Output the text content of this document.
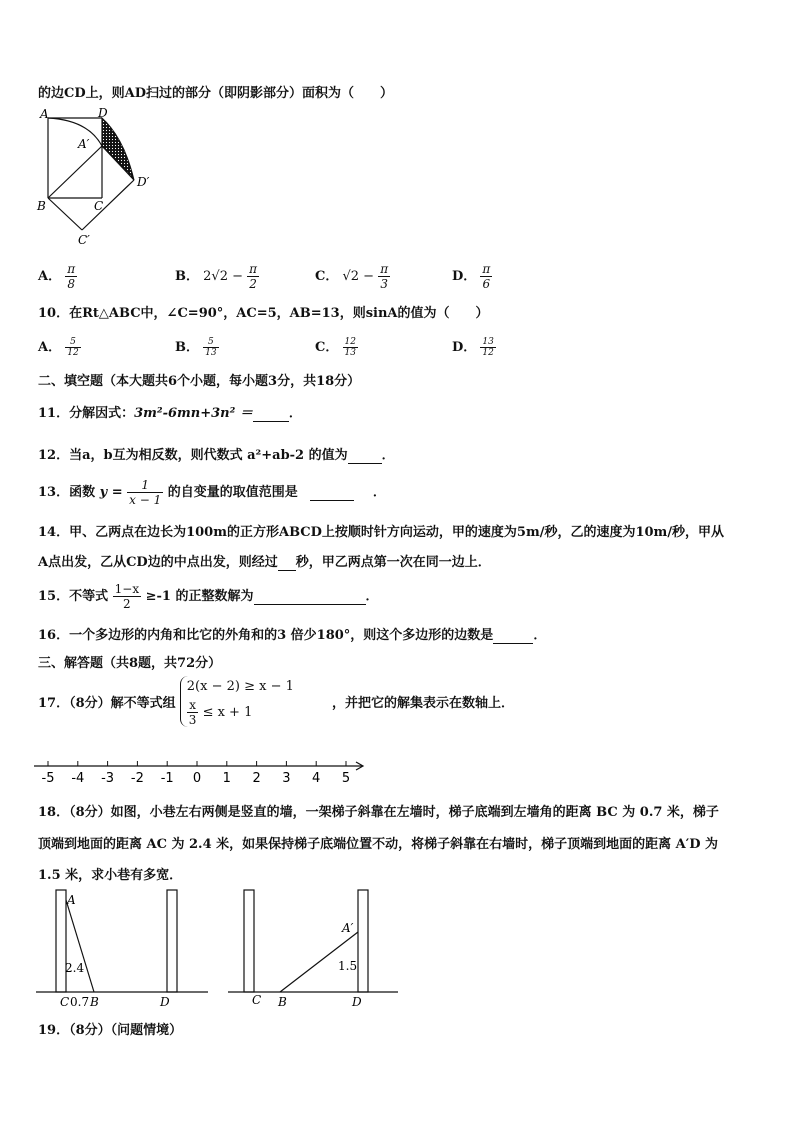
的边CD上，则AD扫过的部分（即阴影部分）面积为（　　）
A	D
A′
D′
B	C
C′
A． $\frac{\pi}{8}$	B． $2√2 - \frac{\pi}{2}$	C． $√2 - \frac{\pi}{3}$	D． $\frac{\pi}{6}$
10．在Rt△ABC中，∠C=90°，AC=5，AB=13，则sinA的值为（　　）
A． $\frac{5}{12}$	B． $\frac{5}{13}$	C． $\frac{12}{13}$	D． $\frac{13}{12}$
二、填空题（本大题共6个小题，每小题3分，共18分）
11．分解因式：3m²-6mn+3n² ＝	．
12．当a，b互为相反数，则代数式 a²+ab-2 的值为	．
13．函数 $y = \frac{1}{x - 1}$ 的自变量的取值范围是	．
14．甲、乙两点在边长为100m的正方形ABCD上按顺时针方向运动，甲的速度为5m/秒，乙的速度为10m/秒，甲从
A点出发，乙从CD边的中点出发，则经过 秒，甲乙两点第一次在同一边上．
15．不等式 $\frac{1-x}{2} \ge-1$ 的正整数解为	．
16．一个多边形的内角和比它的外角和的3 倍少180°，则这个多边形的边数是	．
三、解答题（共8题，共72分）
17．（8分）解不等式组
2(x − 2) ≥ x − 1
$\frac{x}{3} \le x + 1$
，并把它的解集表示在数轴上．
-5 -4 -3 -2 -1 0 1 2 3 4 5
18．（8分）如图，小巷左右两侧是竖直的墙，一架梯子斜靠在左墙时，梯子底端到左墙角的距离 BC 为 0.7 米，梯子
顶端到地面的距离 AC 为 2.4 米，如果保持梯子底端位置不动，将梯子斜靠在右墙时，梯子顶端到地面的距离 A′D 为
1.5 米，求小巷有多宽．
A
2.4
C 0.7 B	D
A′
1.5
C B	D
19．（8分）（问题情境）
